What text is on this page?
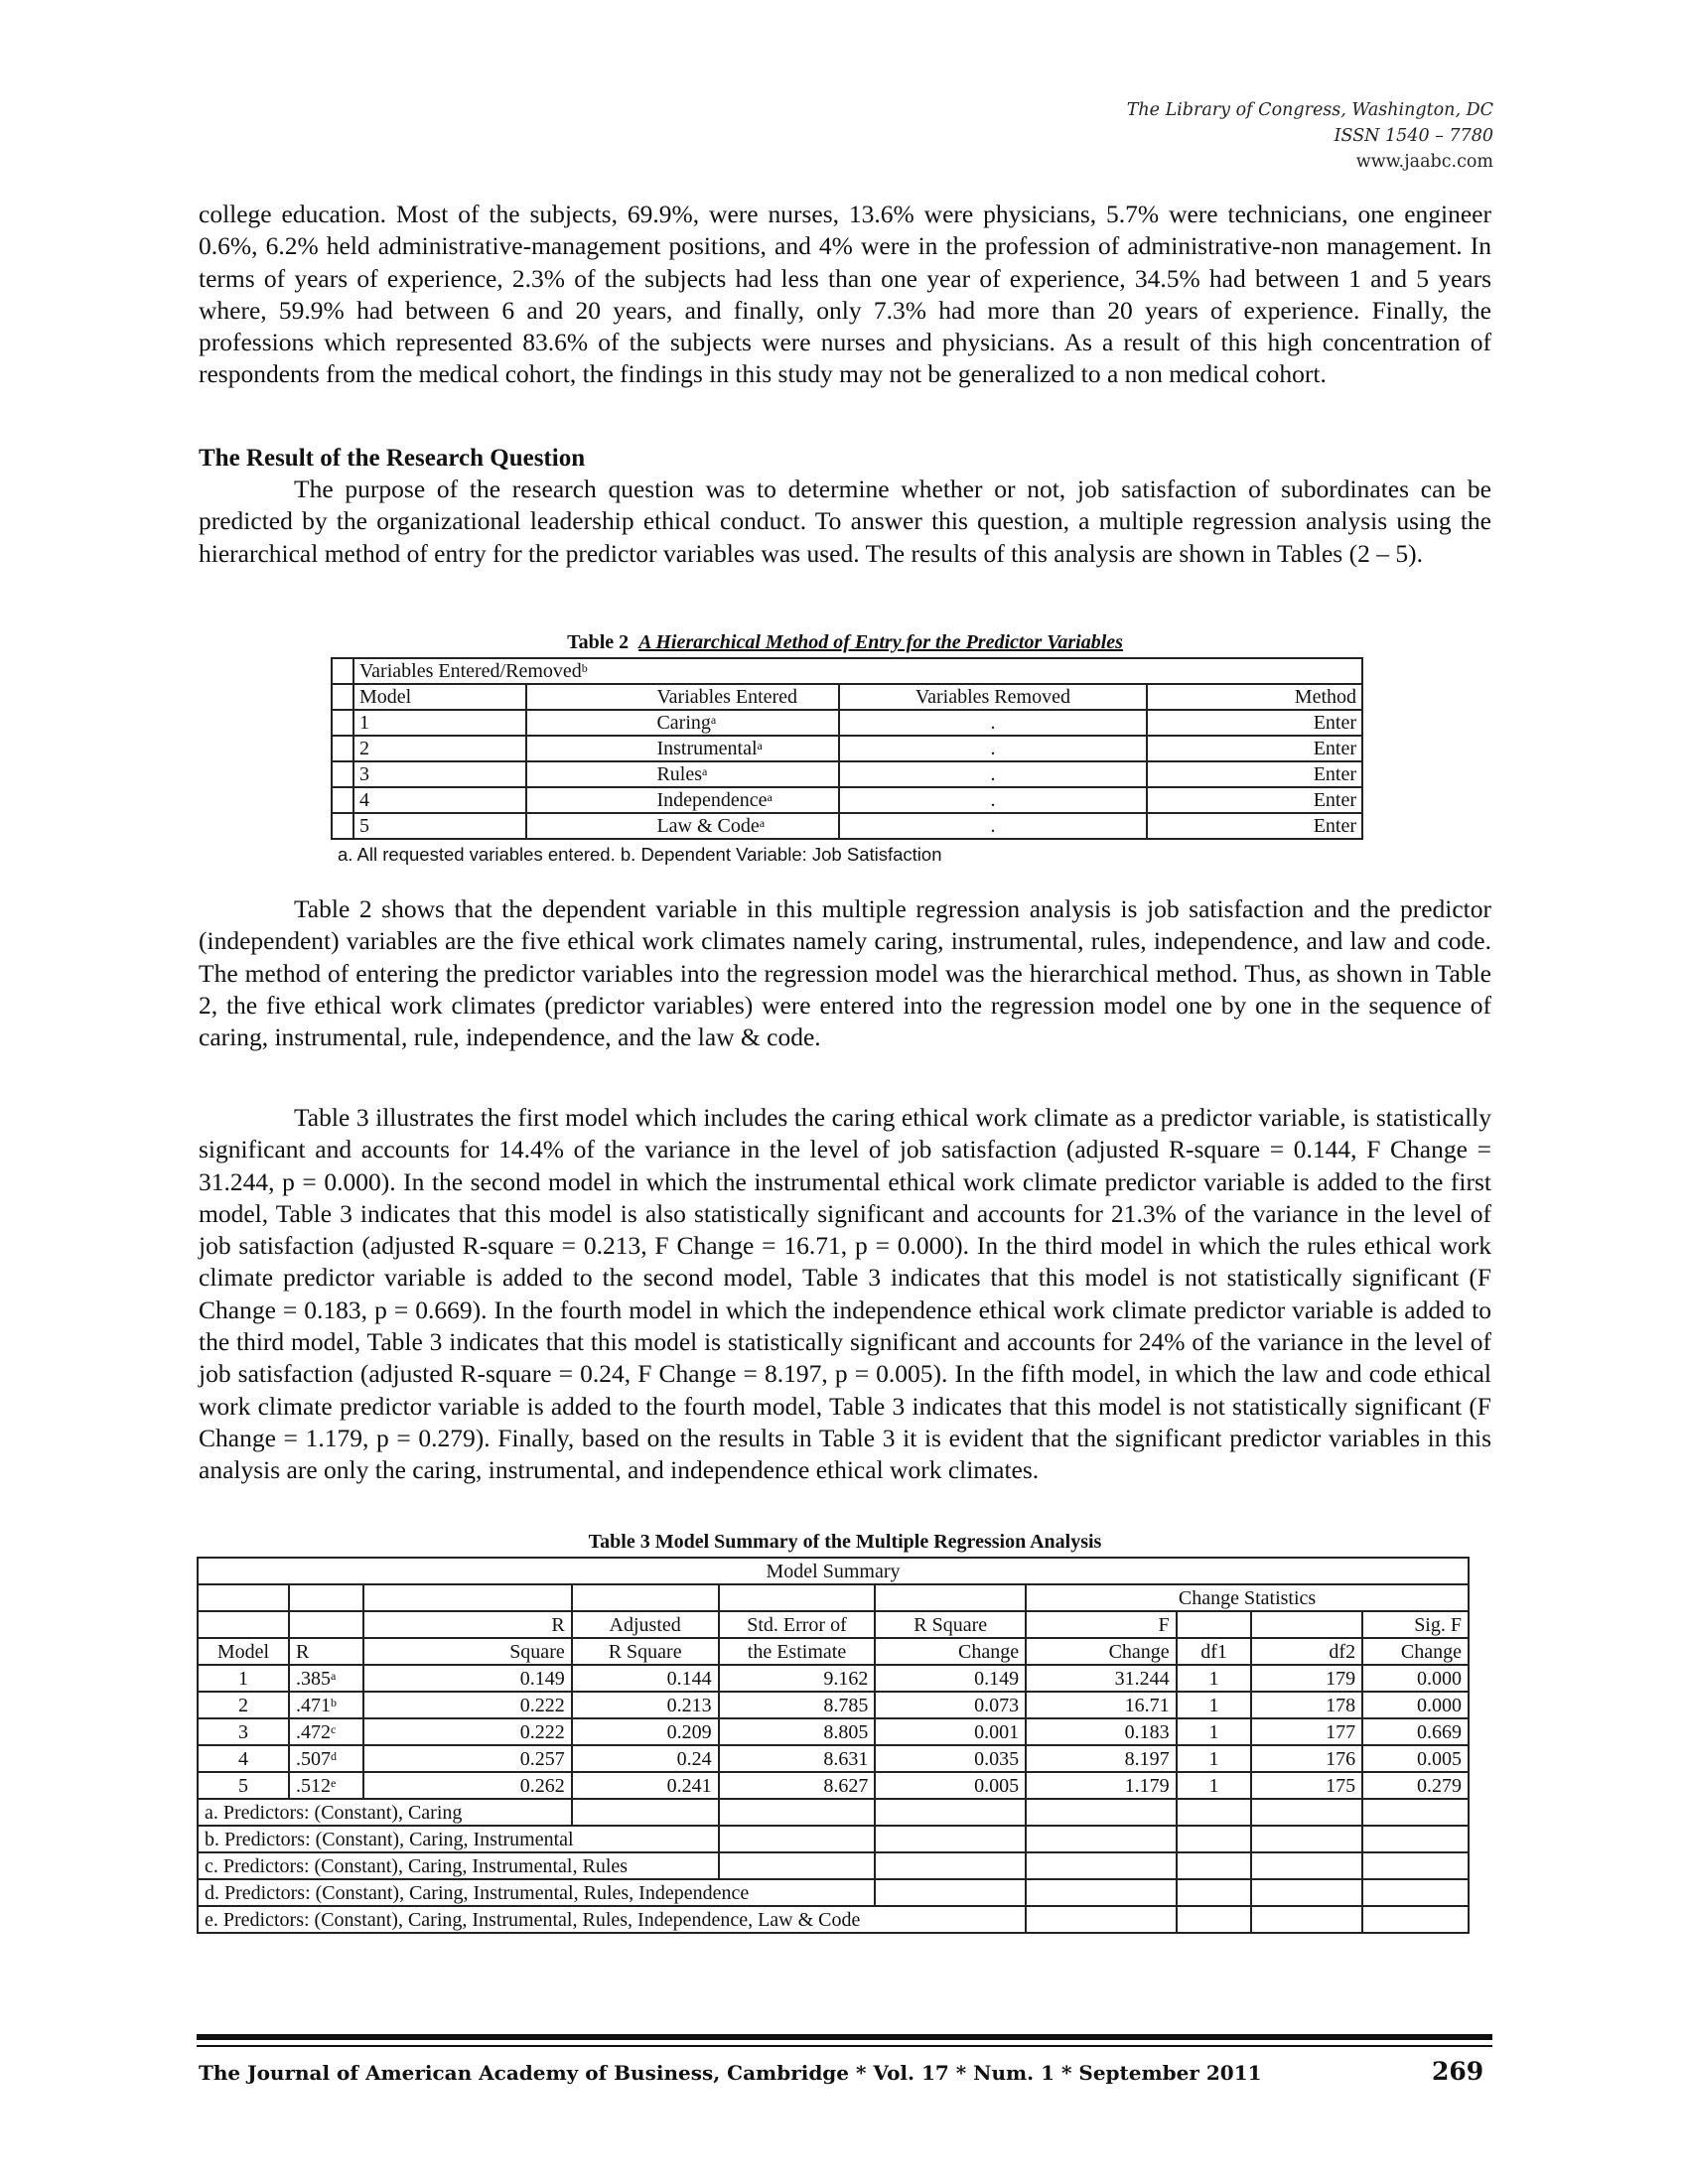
The Library of Congress, Washington, DC
ISSN 1540 – 7780
www.jaabc.com

college education. Most of the subjects, 69.9%, were nurses, 13.6% were physicians, 5.7% were technicians, one engineer 0.6%, 6.2% held administrative-management positions, and 4% were in the profession of administrative-non management. In terms of years of experience, 2.3% of the subjects had less than one year of experience, 34.5% had between 1 and 5 years where, 59.9% had between 6 and 20 years, and finally, only 7.3% had more than 20 years of experience. Finally, the professions which represented 83.6% of the subjects were nurses and physicians. As a result of this high concentration of respondents from the medical cohort, the findings in this study may not be generalized to a non medical cohort.

The Result of the Research Question

The purpose of the research question was to determine whether or not, job satisfaction of subordinates can be predicted by the organizational leadership ethical conduct. To answer this question, a multiple regression analysis using the hierarchical method of entry for the predictor variables was used. The results of this analysis are shown in Tables (2 – 5).

Table 2 A Hierarchical Method of Entry for the Predictor Variables
	Variables Entered/Removed$^b$
	Model	Variables Entered	Variables Removed	Method
	1	Caring$^a$	.	Enter
	2	Instrumental$^a$	.	Enter
	3	Rules$^a$	.	Enter
	4	Independence$^a$	.	Enter
	5	Law & Code$^a$	.	Enter
a. All requested variables entered. b. Dependent Variable: Job Satisfaction

Table 2 shows that the dependent variable in this multiple regression analysis is job satisfaction and the predictor (independent) variables are the five ethical work climates namely caring, instrumental, rules, independence, and law and code. The method of entering the predictor variables into the regression model was the hierarchical method. Thus, as shown in Table 2, the five ethical work climates (predictor variables) were entered into the regression model one by one in the sequence of caring, instrumental, rule, independence, and the law & code.

Table 3 illustrates the first model which includes the caring ethical work climate as a predictor variable, is statistically significant and accounts for 14.4% of the variance in the level of job satisfaction (adjusted R-square = 0.144, F Change = 31.244, p = 0.000). In the second model in which the instrumental ethical work climate predictor variable is added to the first model, Table 3 indicates that this model is also statistically significant and accounts for 21.3% of the variance in the level of job satisfaction (adjusted R-square = 0.213, F Change = 16.71, p = 0.000). In the third model in which the rules ethical work climate predictor variable is added to the second model, Table 3 indicates that this model is not statistically significant (F Change = 0.183, p = 0.669). In the fourth model in which the independence ethical work climate predictor variable is added to the third model, Table 3 indicates that this model is statistically significant and accounts for 24% of the variance in the level of job satisfaction (adjusted R-square = 0.24, F Change = 8.197, p = 0.005). In the fifth model, in which the law and code ethical work climate predictor variable is added to the fourth model, Table 3 indicates that this model is not statistically significant (F Change = 1.179, p = 0.279). Finally, based on the results in Table 3 it is evident that the significant predictor variables in this analysis are only the caring, instrumental, and independence ethical work climates.

Table 3 Model Summary of the Multiple Regression Analysis
Model Summary									
						Change Statistics			
		R	Adjusted	Std. Error of	R Square	F			Sig. F
Model	R	Square	R Square	the Estimate	Change	Change	df1	df2	Change
1	.385$^a$	0.149	0.144	9.162	0.149	31.244	1	179	0.000
2	.471$^b$	0.222	0.213	8.785	0.073	16.71	1	178	0.000
3	.472$^c$	0.222	0.209	8.805	0.001	0.183	1	177	0.669
4	.507$^d$	0.257	0.24	8.631	0.035	8.197	1	176	0.005
5	.512e	0.262	0.241	8.627	0.005	1.179	1	175	0.279
a. Predictors: (Constant), Caring									
b. Predictors: (Constant), Caring, Instrumental									
c. Predictors: (Constant), Caring, Instrumental, Rules									
d. Predictors: (Constant), Caring, Instrumental, Rules, Independence									
e. Predictors: (Constant), Caring, Instrumental, Rules, Independence, Law & Code									
The Journal of American Academy of Business, Cambridge * Vol. 17 * Num. 1 * September 2011	269
